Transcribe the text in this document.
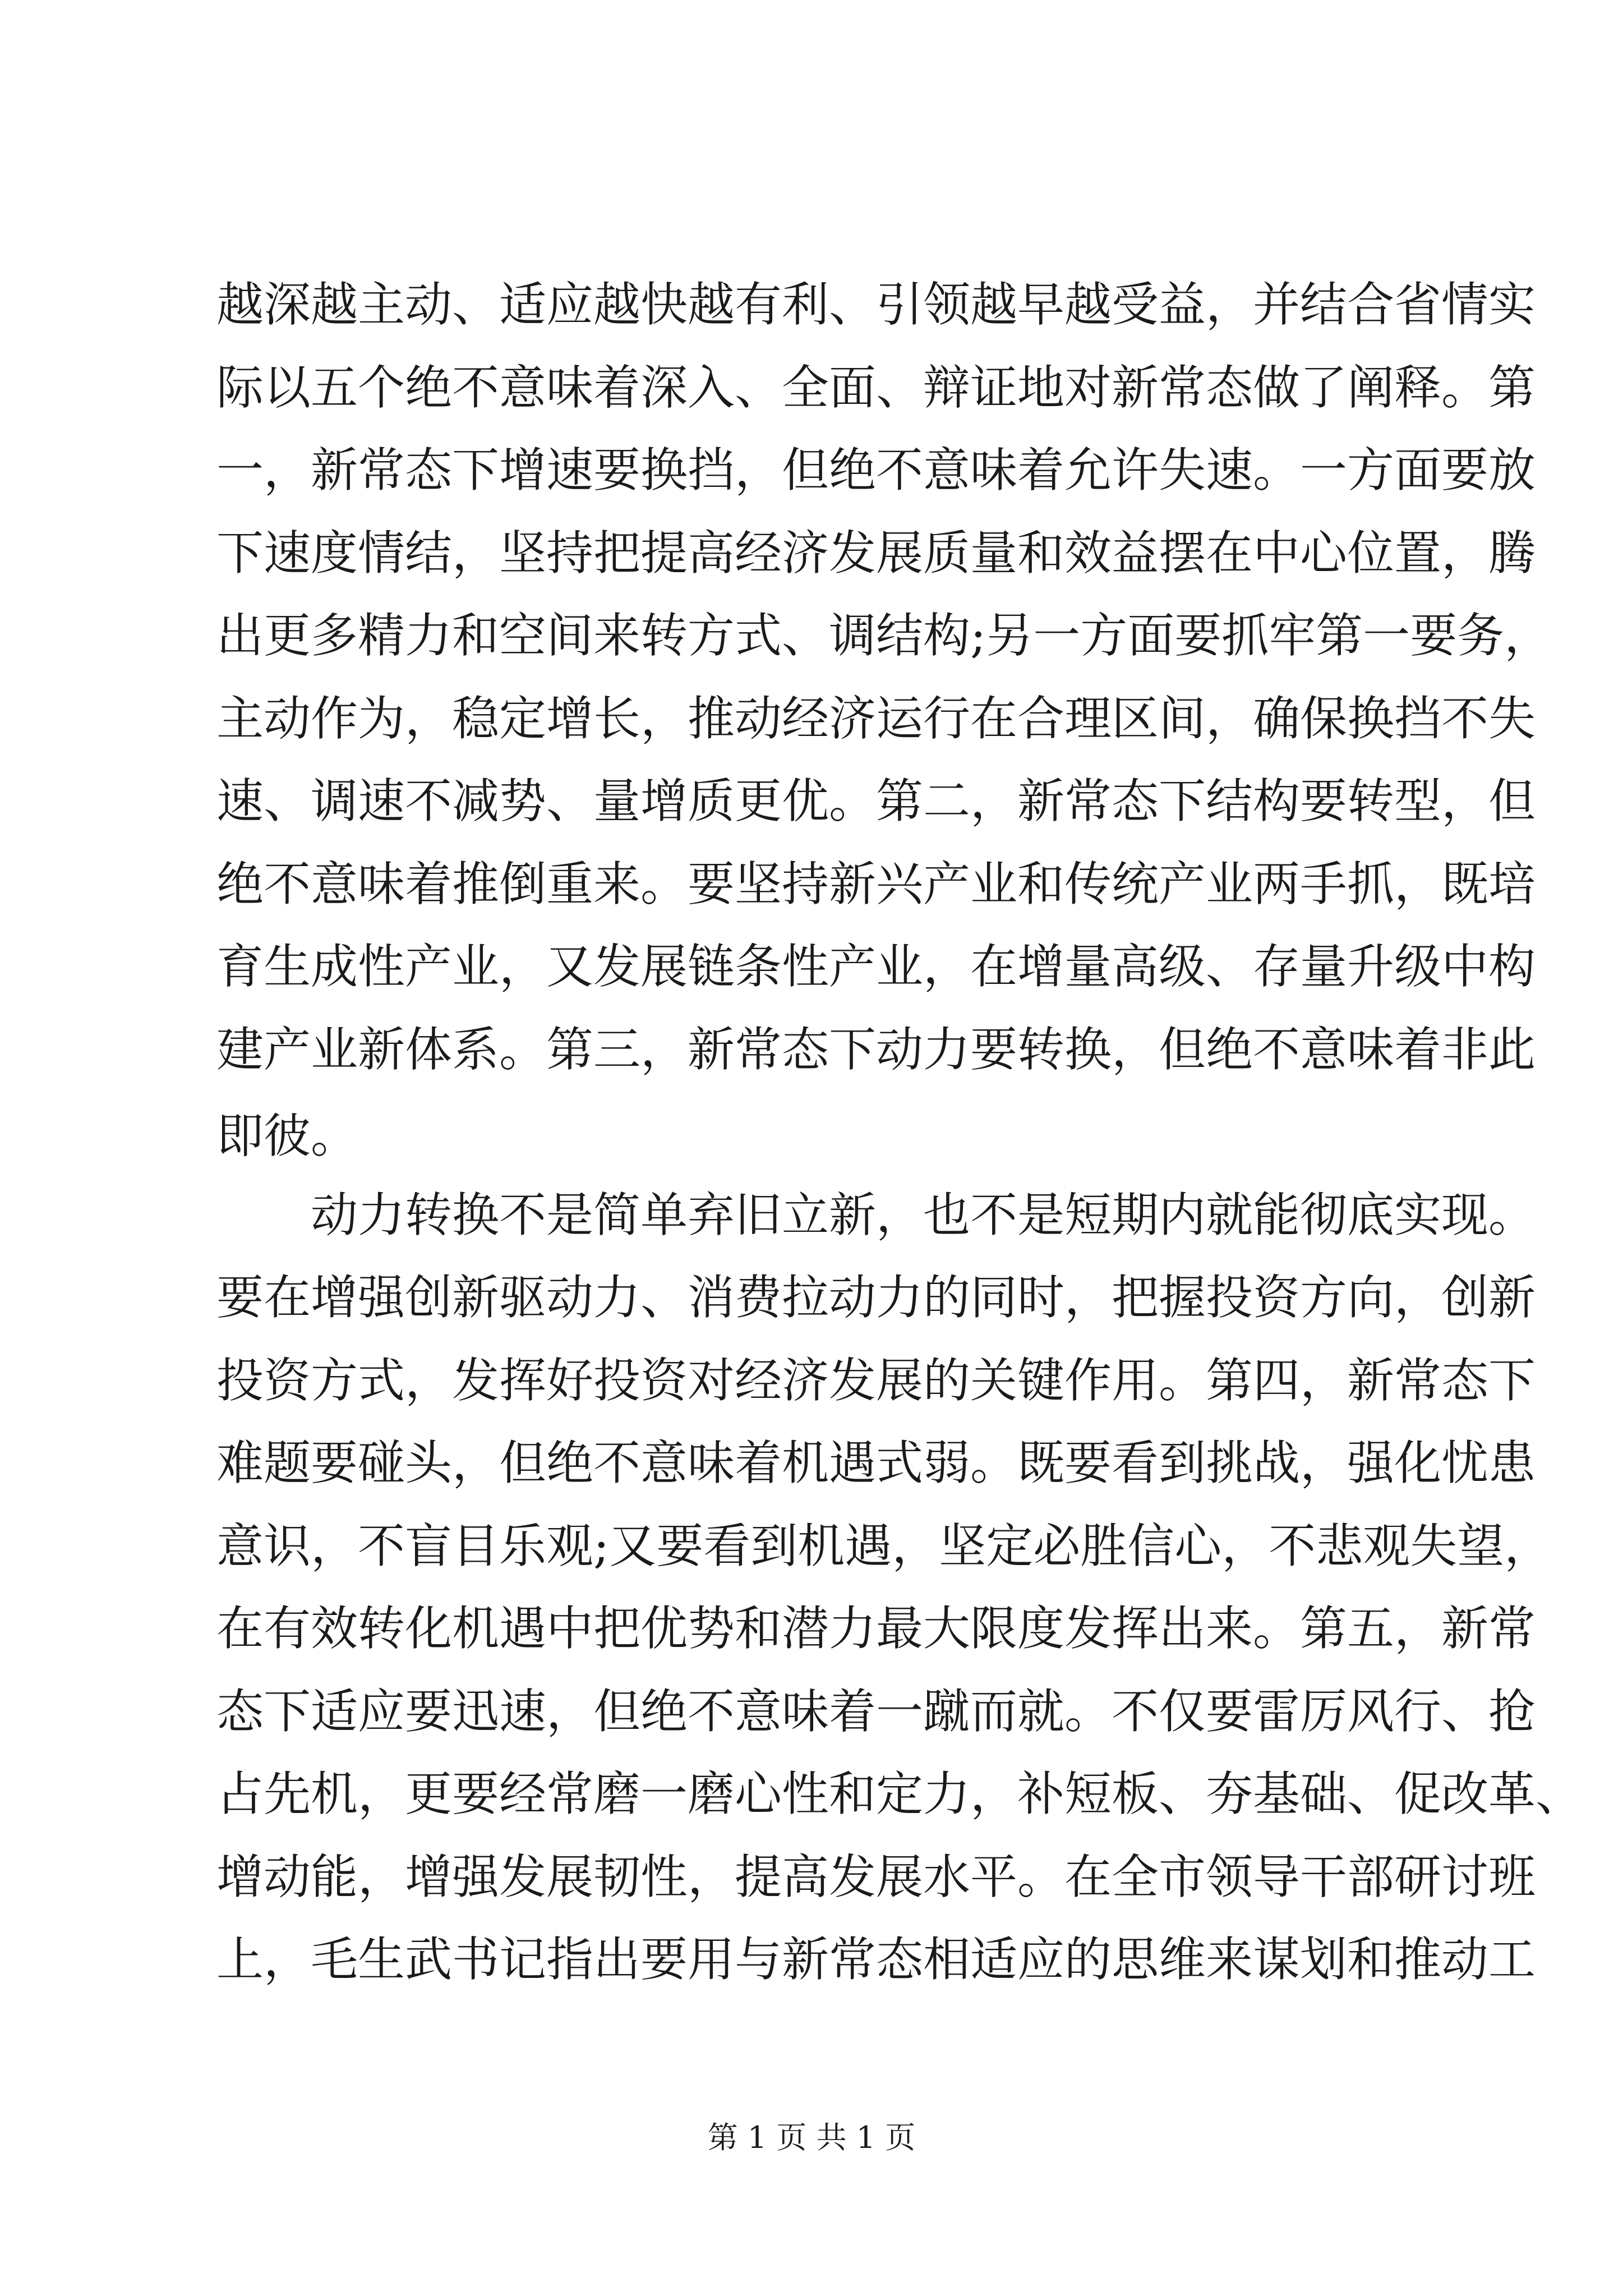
越深越主动、适应越快越有利、引领越早越受益，并结合省情实
际以五个绝不意味着深入、全面、辩证地对新常态做了阐释。第
一，新常态下增速要换挡，但绝不意味着允许失速。一方面要放
下速度情结，坚持把提高经济发展质量和效益摆在中心位置，腾
出更多精力和空间来转方式、调结构;另一方面要抓牢第一要务，
主动作为，稳定增长，推动经济运行在合理区间，确保换挡不失
速、调速不减势、量增质更优。第二，新常态下结构要转型，但
绝不意味着推倒重来。要坚持新兴产业和传统产业两手抓，既培
育生成性产业，又发展链条性产业，在增量高级、存量升级中构
建产业新体系。第三，新常态下动力要转换，但绝不意味着非此
即彼。
动力转换不是简单弃旧立新，也不是短期内就能彻底实现。
要在增强创新驱动力、消费拉动力的同时，把握投资方向，创新
投资方式，发挥好投资对经济发展的关键作用。第四，新常态下
难题要碰头，但绝不意味着机遇式弱。既要看到挑战，强化忧患
意识，不盲目乐观;又要看到机遇，坚定必胜信心，不悲观失望，
在有效转化机遇中把优势和潜力最大限度发挥出来。第五，新常
态下适应要迅速，但绝不意味着一蹴而就。不仅要雷厉风行、抢
占先机，更要经常磨一磨心性和定力，补短板、夯基础、促改革、
增动能，增强发展韧性，提高发展水平。在全市领导干部研讨班
上，毛生武书记指出要用与新常态相适应的思维来谋划和推动工
第 1 页 共 1 页
